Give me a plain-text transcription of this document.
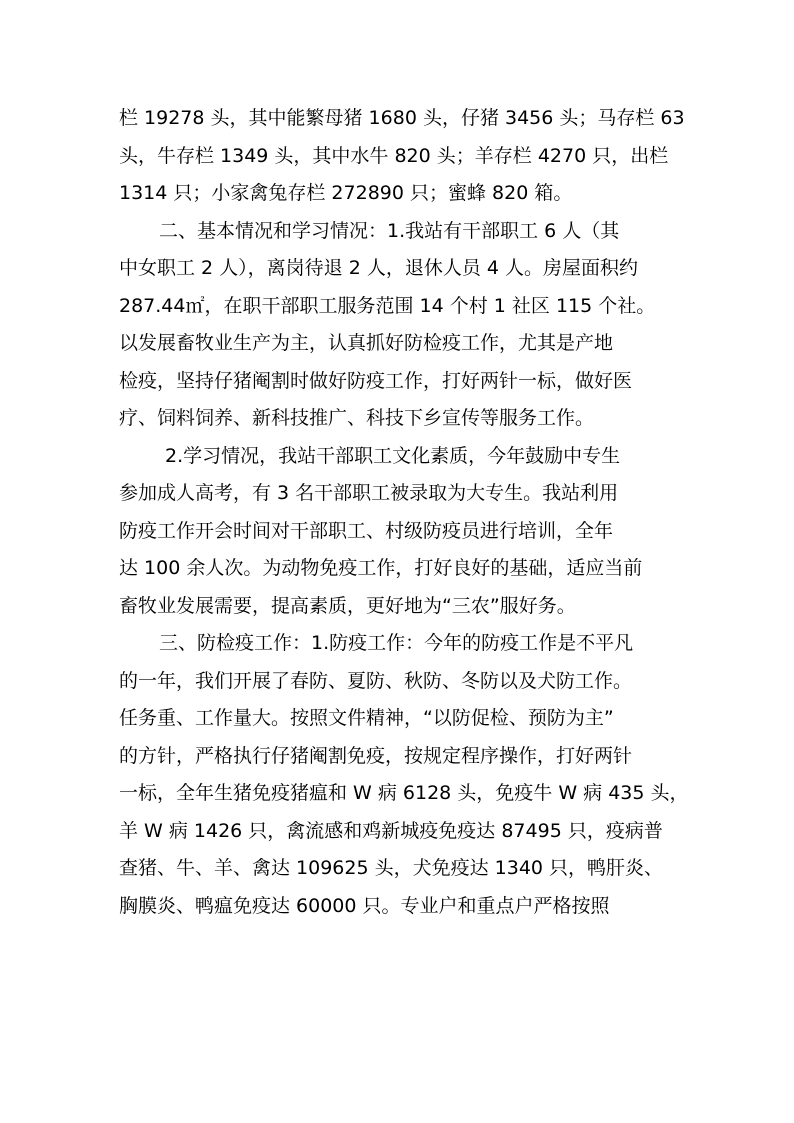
栏 19278 头，其中能繁母猪 1680 头，仔猪 3456 头；马存栏 63
头，牛存栏 1349 头，其中水牛 820 头；羊存栏 4270 只，出栏
1314 只；小家禽兔存栏 272890 只；蜜蜂 820 箱。
二、基本情况和学习情况：1.我站有干部职工 6 人（其
中女职工 2 人），离岗待退 2 人，退休人员 4 人。房屋面积约
287.44㎡，在职干部职工服务范围 14 个村 1 社区 115 个社。
以发展畜牧业生产为主，认真抓好防检疫工作，尤其是产地
检疫，坚持仔猪阉割时做好防疫工作，打好两针一标，做好医
疗、饲料饲养、新科技推广、科技下乡宣传等服务工作。
2.学习情况，我站干部职工文化素质，今年鼓励中专生
参加成人高考，有 3 名干部职工被录取为大专生。我站利用
防疫工作开会时间对干部职工、村级防疫员进行培训，全年
达 100 余人次。为动物免疫工作，打好良好的基础，适应当前
畜牧业发展需要，提高素质，更好地为“三农”服好务。
三、防检疫工作：1.防疫工作：今年的防疫工作是不平凡
的一年，我们开展了春防、夏防、秋防、冬防以及犬防工作。
任务重、工作量大。按照文件精神，“以防促检、预防为主”
的方针，严格执行仔猪阉割免疫，按规定程序操作，打好两针
一标，全年生猪免疫猪瘟和 W 病 6128 头，免疫牛 W 病 435 头，
羊 W 病 1426 只，禽流感和鸡新城疫免疫达 87495 只，疫病普
查猪、牛、羊、禽达 109625 头，犬免疫达 1340 只，鸭肝炎、
胸膜炎、鸭瘟免疫达 60000 只。专业户和重点户严格按照
